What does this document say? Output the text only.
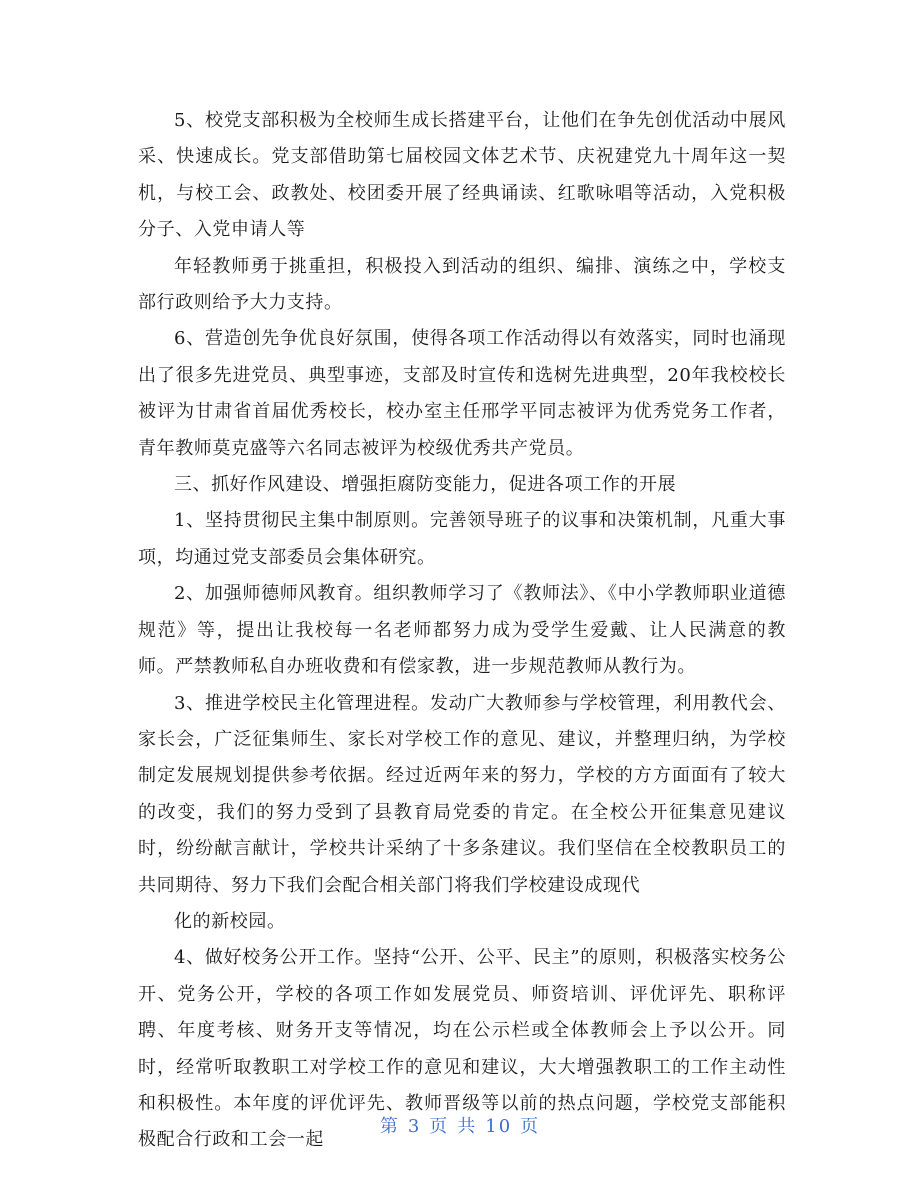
5、校党支部积极为全校师生成长搭建平台，让他们在争先创优活动中展风采、快速成长。党支部借助第七届校园文体艺术节、庆祝建党九十周年这一契机，与校工会、政教处、校团委开展了经典诵读、红歌咏唱等活动，入党积极分子、入党申请人等

年轻教师勇于挑重担，积极投入到活动的组织、编排、演练之中，学校支部行政则给予大力支持。

6、营造创先争优良好氛围，使得各项工作活动得以有效落实，同时也涌现出了很多先进党员、典型事迹，支部及时宣传和选树先进典型，20年我校校长被评为甘肃省首届优秀校长，校办室主任邢学平同志被评为优秀党务工作者，青年教师莫克盛等六名同志被评为校级优秀共产党员。

三、抓好作风建设、增强拒腐防变能力，促进各项工作的开展

1、坚持贯彻民主集中制原则。完善领导班子的议事和决策机制，凡重大事项，均通过党支部委员会集体研究。

2、加强师德师风教育。组织教师学习了《教师法》、《中小学教师职业道德规范》等，提出让我校每一名老师都努力成为受学生爱戴、让人民满意的教师。严禁教师私自办班收费和有偿家教，进一步规范教师从教行为。

3、推进学校民主化管理进程。发动广大教师参与学校管理，利用教代会、家长会，广泛征集师生、家长对学校工作的意见、建议，并整理归纳，为学校制定发展规划提供参考依据。经过近两年来的努力，学校的方方面面有了较大的改变，我们的努力受到了县教育局党委的肯定。在全校公开征集意见建议时，纷纷献言献计，学校共计采纳了十多条建议。我们坚信在全校教职员工的共同期待、努力下我们会配合相关部门将我们学校建设成现代

化的新校园。

4、做好校务公开工作。坚持“公开、公平、民主”的原则，积极落实校务公开、党务公开，学校的各项工作如发展党员、师资培训、评优评先、职称评聘、年度考核、财务开支等情况，均在公示栏或全体教师会上予以公开。同时，经常听取教职工对学校工作的意见和建议，大大增强教职工的工作主动性和积极性。本年度的评优评先、教师晋级等以前的热点问题，学校党支部能积极配合行政和工会一起

第 3 页 共 10 页
